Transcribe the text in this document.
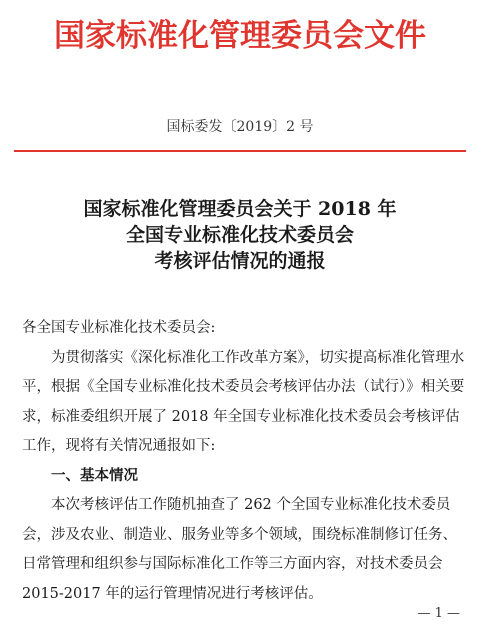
国家标准化管理委员会文件
国标委发〔2019〕2 号
国家标准化管理委员会关于 2018 年
全国专业标准化技术委员会
考核评估情况的通报

各全国专业标准化技术委员会:

为贯彻落实《深化标准化工作改革方案》，切实提高标准化管理水平，根据《全国专业标准化技术委员会考核评估办法（试行）》相关要求，标准委组织开展了 2018 年全国专业标准化技术委员会考核评估工作，现将有关情况通报如下:

一、基本情况

本次考核评估工作随机抽查了 262 个全国专业标准化技术委员会，涉及农业、制造业、服务业等多个领域，围绕标准制修订任务、日常管理和组织参与国际标准化工作等三方面内容，对技术委员会 2015-2017 年的运行管理情况进行考核评估。

— 1 —
